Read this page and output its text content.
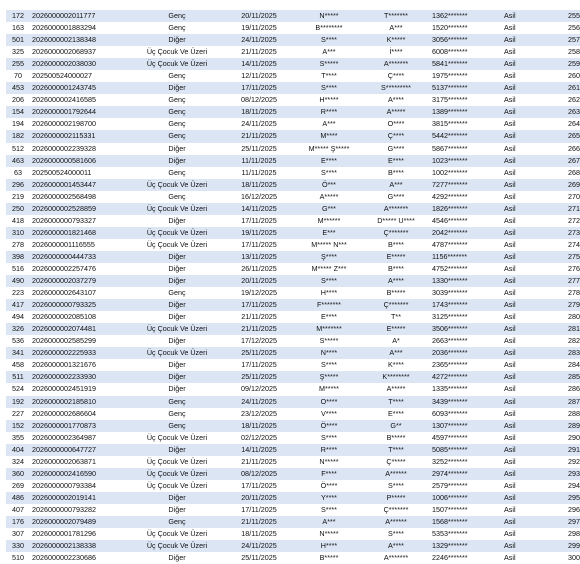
172	2026000002011777	Genç	20/11/2025	N*****	T*******	1362*******	Asil	255
163	2026000001883294	Genç	19/11/2025	B********	A***	1520*******	Asil	256
501	2026000002138348	Diğer	24/11/2025	S****	K*****	3056*******	Asil	257
325	2026000002068937	Üç Çocuk Ve Üzeri	21/11/2025	A***	İ****	6008*******	Asil	258
255	2026000002038030	Üç Çocuk Ve Üzeri	14/11/2025	S*****	A*******	5841*******	Asil	259
70	202500524000027	Genç	12/11/2025	T****	Ç****	1975*******	Asil	260
453	2026000001243745	Diğer	17/11/2025	S****	S*********	5137*******	Asil	261
206	2026000002416585	Genç	08/12/2025	H*****	A****	3175*******	Asil	262
154	2026000001792644	Genç	18/11/2025	R****	A*****	1389*******	Asil	263
194	2026000002198700	Genç	24/11/2025	A***	O****	3815*******	Asil	264
182	2026000002115331	Genç	21/11/2025	M****	Ç****	5442*******	Asil	265
512	2026000002239328	Diğer	25/11/2025	M***** Ş*****	G****	5867*******	Asil	266
463	2026000000581606	Diğer	11/11/2025	E****	E****	1023*******	Asil	267
63	202500524000011	Genç	11/11/2025	S****	B****	1002*******	Asil	268
296	2026000001453447	Üç Çocuk Ve Üzeri	18/11/2025	Ö***	A***	7277*******	Asil	269
219	2026000002568498	Genç	16/12/2025	A*****	G****	4292*******	Asil	270
250	2026000002528859	Üç Çocuk Ve Üzeri	14/11/2025	G***	A*******	1826*******	Asil	271
418	2026000000793327	Diğer	17/11/2025	M******	D***** U****	4546*******	Asil	272
310	2026000001821468	Üç Çocuk Ve Üzeri	19/11/2025	E***	Ç*******	2042*******	Asil	273
278	2026000001116555	Üç Çocuk Ve Üzeri	17/11/2025	M***** N***	B****	4787*******	Asil	274
398	2026000000444733	Diğer	13/11/2025	Ş****	E*****	1156*******	Asil	275
516	2026000002257476	Diğer	26/11/2025	M***** Z***	B****	4752*******	Asil	276
490	2026000002037279	Diğer	20/11/2025	S****	A****	1330*******	Asil	277
223	2026000002643107	Genç	19/12/2025	H****	B*****	3039*******	Asil	278
417	2026000000793325	Diğer	17/11/2025	F*******	Ç*******	1743*******	Asil	279
494	2026000002085108	Diğer	21/11/2025	E****	T**	3125*******	Asil	280
326	2026000002074481	Üç Çocuk Ve Üzeri	21/11/2025	M*******	E*****	3506*******	Asil	281
536	2026000002585299	Diğer	17/12/2025	S*****	A*	2663*******	Asil	282
341	2026000002225933	Üç Çocuk Ve Üzeri	25/11/2025	N****	A***	2036*******	Asil	283
458	2026000001321676	Diğer	17/11/2025	S****	K****	2365*******	Asil	284
511	2026000002233930	Diğer	25/11/2025	Ş*****	K********	4272*******	Asil	285
524	2026000002451919	Diğer	09/12/2025	M*****	A*****	1335*******	Asil	286
192	2026000002185810	Genç	24/11/2025	O****	T****	3439*******	Asil	287
227	2026000002686604	Genç	23/12/2025	V****	E****	6093*******	Asil	288
152	2026000001770873	Genç	18/11/2025	Ö****	G**	1307*******	Asil	289
355	2026000002364987	Üç Çocuk Ve Üzeri	02/12/2025	S****	B*****	4597*******	Asil	290
404	2026000000647727	Diğer	14/11/2025	R****	T****	5085*******	Asil	291
324	2026000002063871	Üç Çocuk Ve Üzeri	21/11/2025	N*****	Ç*****	3252*******	Asil	292
360	2026000002416590	Üç Çocuk Ve Üzeri	08/12/2025	F****	A******	2974*******	Asil	293
269	2026000000793384	Üç Çocuk Ve Üzeri	17/11/2025	Ö****	S****	2579*******	Asil	294
486	2026000002019141	Diğer	20/11/2025	Y****	P*****	1006*******	Asil	295
407	2026000000793282	Diğer	17/11/2025	S****	Ç*******	1507*******	Asil	296
176	2026000002079489	Genç	21/11/2025	A***	A******	1568*******	Asil	297
307	2026000001781296	Üç Çocuk Ve Üzeri	18/11/2025	N*****	S****	5353*******	Asil	298
330	2026000002138338	Üç Çocuk Ve Üzeri	24/11/2025	H****	A****	1329*******	Asil	299
510	2026000002230686	Diğer	25/11/2025	B*****	A*******	2246*******	Asil	300
